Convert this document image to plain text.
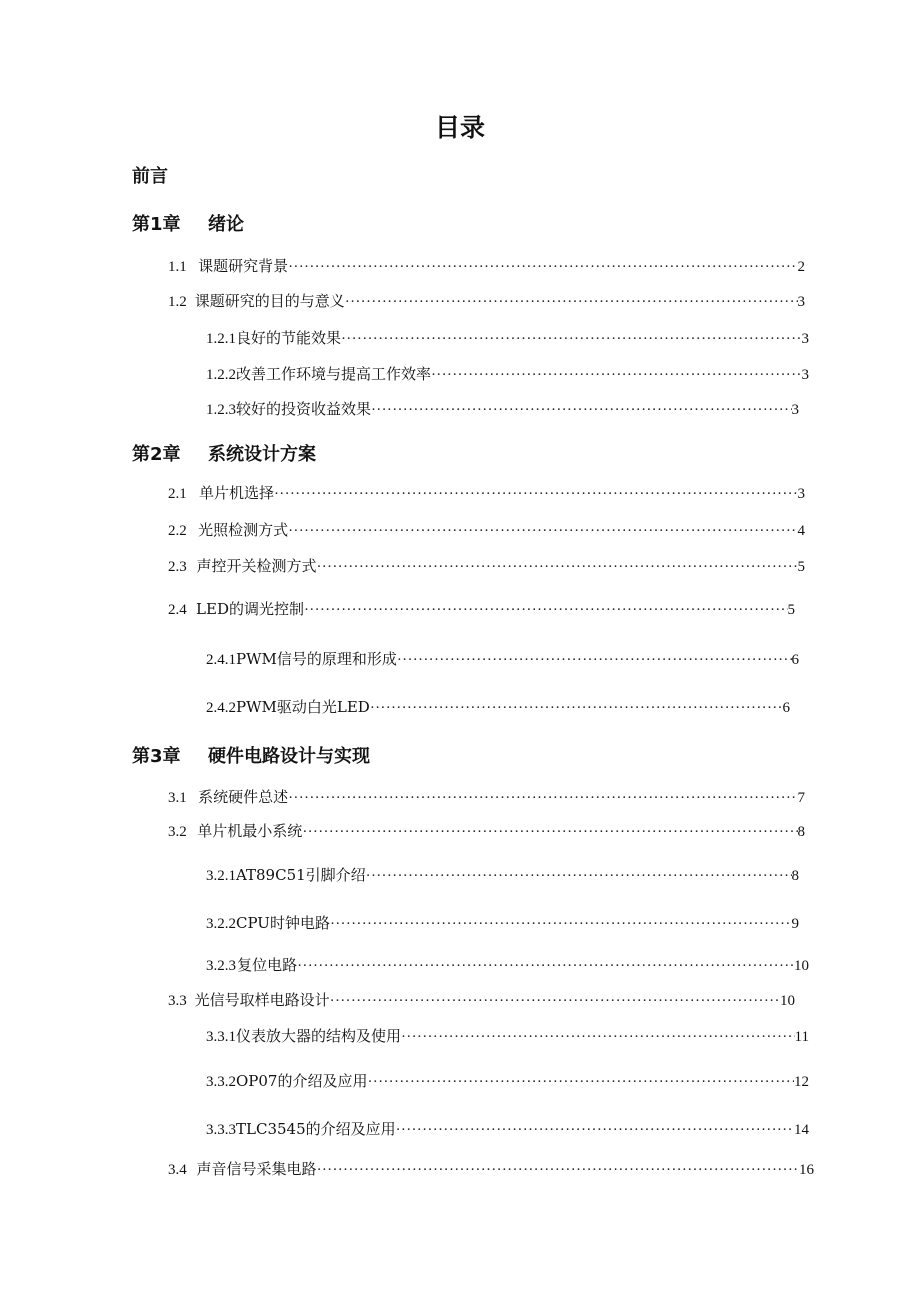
目录
前言
第1章 绪论
1.1 课题研究背景 ·····	2
1.2 课题研究的目的与意义 ·····	3
1.2.1 良好的节能效果 ·····	3
1.2.2 改善工作环境与提高工作效率 ·····	3
1.2.3 较好的投资收益效果 ·····	3
第2章 系统设计方案
2.1 单片机选择 ·····	3
2.2 光照检测方式 ·····	4
2.3 声控开关检测方式 ·····	5
2.4 LED的调光控制 ·····	5
2.4.1 PWM信号的原理和形成 ·····	6
2.4.2 PWM驱动白光LED ·····	6
第3章 硬件电路设计与实现
3.1 系统硬件总述 ·····	7
3.2 单片机最小系统 ·····	8
3.2.1 AT89C51引脚介绍 ·····	8
3.2.2 CPU时钟电路 ·····	9
3.2.3 复位电路 ·····	10
3.3 光信号取样电路设计 ·····	10
3.3.1 仪表放大器的结构及使用 ·····	11
3.3.2 OP07的介绍及应用 ·····	12
3.3.3 TLC3545的介绍及应用 ·····	14
3.4 声音信号采集电路 ·····	16
